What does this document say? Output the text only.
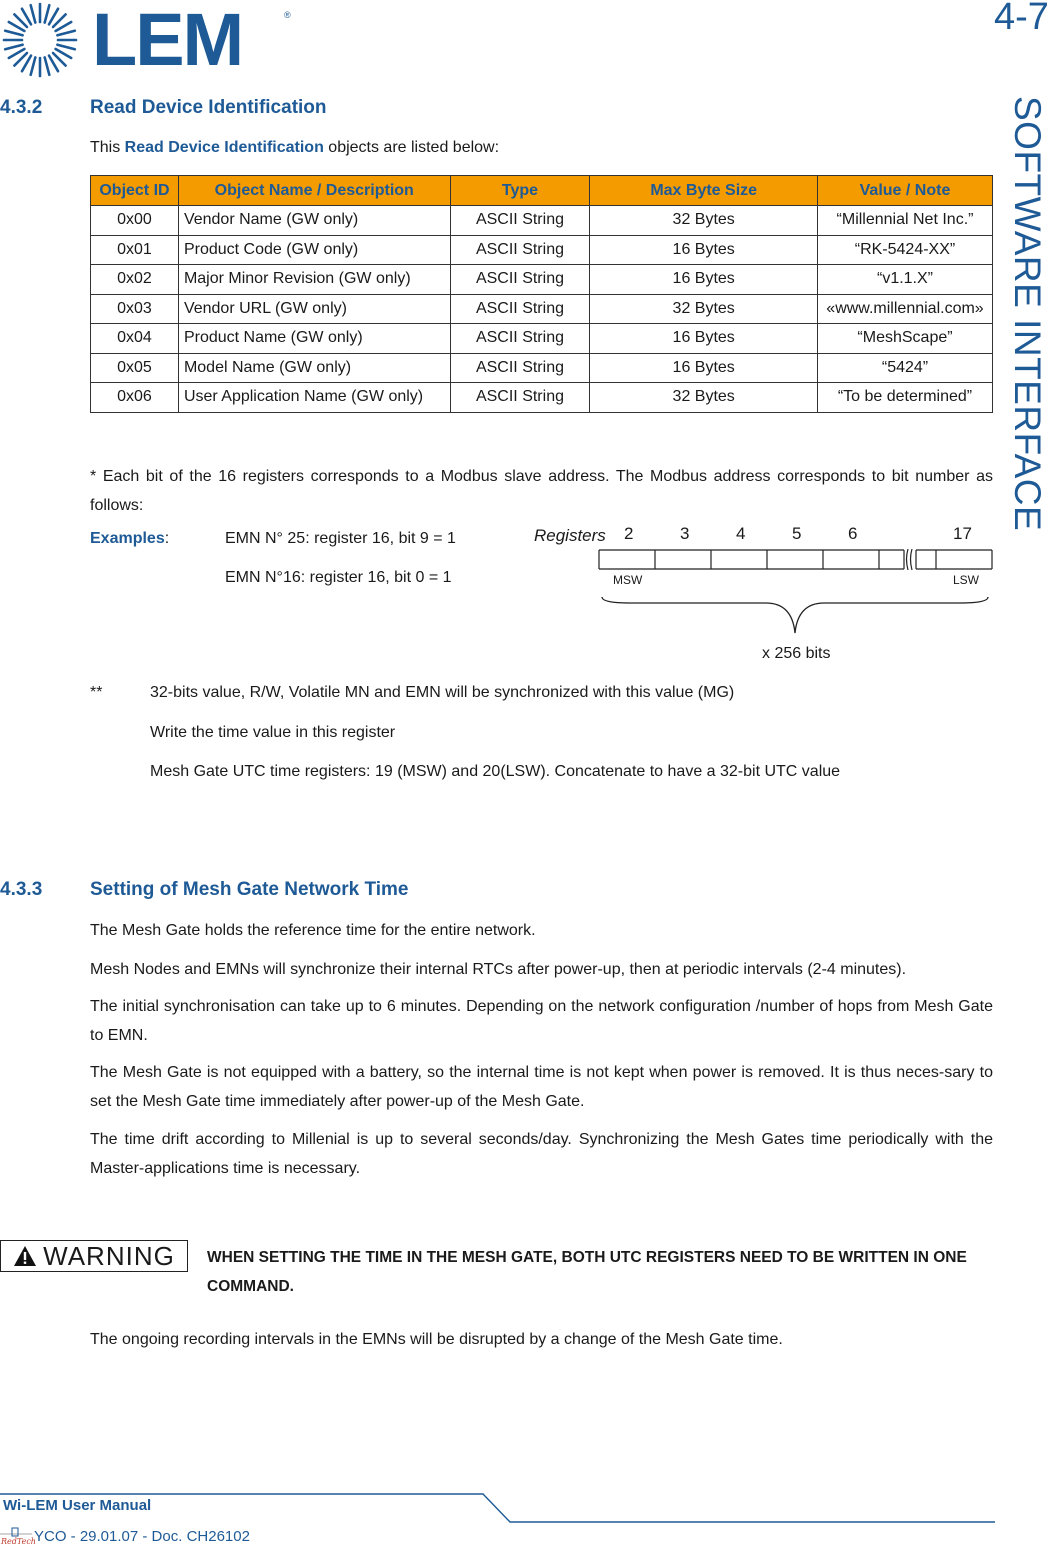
LEM	®	4-7
SOFTWARE INTERFACE
4.3.2	Read Device Identification
This Read Device Identification objects are listed below:
Object ID	Object Name / Description	Type	Max Byte Size	Value / Note
0x00	Vendor Name (GW only)	ASCII String	32 Bytes	“Millennial Net Inc.”
0x01	Product Code (GW only)	ASCII String	16 Bytes	“RK-5424-XX”
0x02	Major Minor Revision (GW only)	ASCII String	16 Bytes	“v1.1.X”
0x03	Vendor URL (GW only)	ASCII String	32 Bytes	«www.millennial.com»
0x04	Product Name (GW only)	ASCII String	16 Bytes	“MeshScape”
0x05	Model Name (GW only)	ASCII String	16 Bytes	“5424”
0x06	User Application Name (GW only)	ASCII String	32 Bytes	“To be determined”
* Each bit of the 16 registers corresponds to a Modbus slave address. The Modbus address corresponds to bit number as follows:
Examples:	EMN N° 25: register 16, bit 9 = 1
EMN N°16: register 16, bit 0 = 1
Registers 2	3	4	5	6	17
MSW	LSW
x 256 bits
**	32-bits value, R/W, Volatile MN and EMN will be synchronized with this value (MG)
Write the time value in this register
Mesh Gate UTC time registers: 19 (MSW) and 20(LSW). Concatenate to have a 32-bit UTC value
4.3.3	Setting of Mesh Gate Network Time
The Mesh Gate holds the reference time for the entire network.
Mesh Nodes and EMNs will synchronize their internal RTCs after power-up, then at periodic intervals (2-4 minutes).
The initial synchronisation can take up to 6 minutes. Depending on the network configuration /number of hops from Mesh Gate to EMN.
The Mesh Gate is not equipped with a battery, so the internal time is not kept when power is removed. It is thus neces-sary to set the Mesh Gate time immediately after power-up of the Mesh Gate.
The time drift according to Millenial is up to several seconds/day. Synchronizing the Mesh Gates time periodically with the Master-applications time is necessary.
WARNING WHEN SETTING THE TIME IN THE MESH GATE, BOTH UTC REGISTERS NEED TO BE WRITTEN IN ONE COMMAND.
The ongoing recording intervals in the EMNs will be disrupted by a change of the Mesh Gate time.
Wi-LEM User Manual
RedTech
YCO - 29.01.07 - Doc. CH26102
